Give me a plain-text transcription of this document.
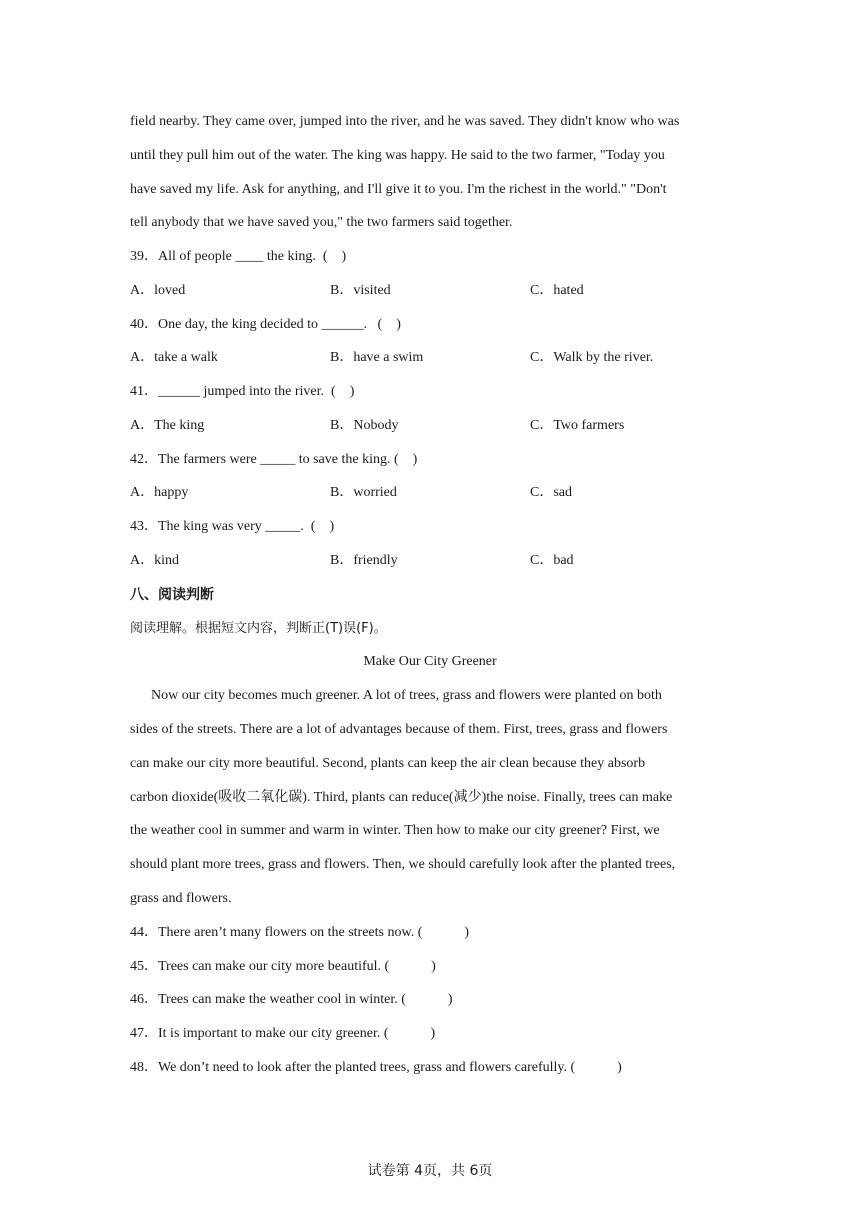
field nearby. They came over, jumped into the river, and he was saved. They didn't know who was
until they pull him out of the water. The king was happy. He said to the two farmer, "Today you
have saved my life. Ask for anything, and I'll give it to you. I'm the richest in the world." "Don't
tell anybody that we have saved you," the two farmers said together.
39．All of people ____ the king.  (    )
A．loved	B．visited	C．hated
40．One day, the king decided to ______.   (    )
A．take a walk	B．have a swim	C．Walk by the river.
41．______ jumped into the river.  (    )
A．The king	B．Nobody	C．Two farmers
42．The farmers were _____ to save the king. (    )
A．happy	B．worried	C．sad
43．The king was very _____.  (    )
A．kind	B．friendly	C．bad
八、阅读判断
阅读理解。根据短文内容，判断正(T)误(F)。
Make Our City Greener
Now our city becomes much greener. A lot of trees, grass and flowers were planted on both
sides of the streets. There are a lot of advantages because of them. First, trees, grass and flowers
can make our city more beautiful. Second, plants can keep the air clean because they absorb
carbon dioxide(吸收二氧化碳). Third, plants can reduce(减少)the noise. Finally, trees can make
the weather cool in summer and warm in winter. Then how to make our city greener? First, we
should plant more trees, grass and flowers. Then, we should carefully look after the planted trees,
grass and flowers.
44．There aren’t many flowers on the streets now. (            )
45．Trees can make our city more beautiful. (            )
46．Trees can make the weather cool in winter. (            )
47．It is important to make our city greener. (            )
48．We don’t need to look after the planted trees, grass and flowers carefully. (            )
试卷第 4页，共 6页
